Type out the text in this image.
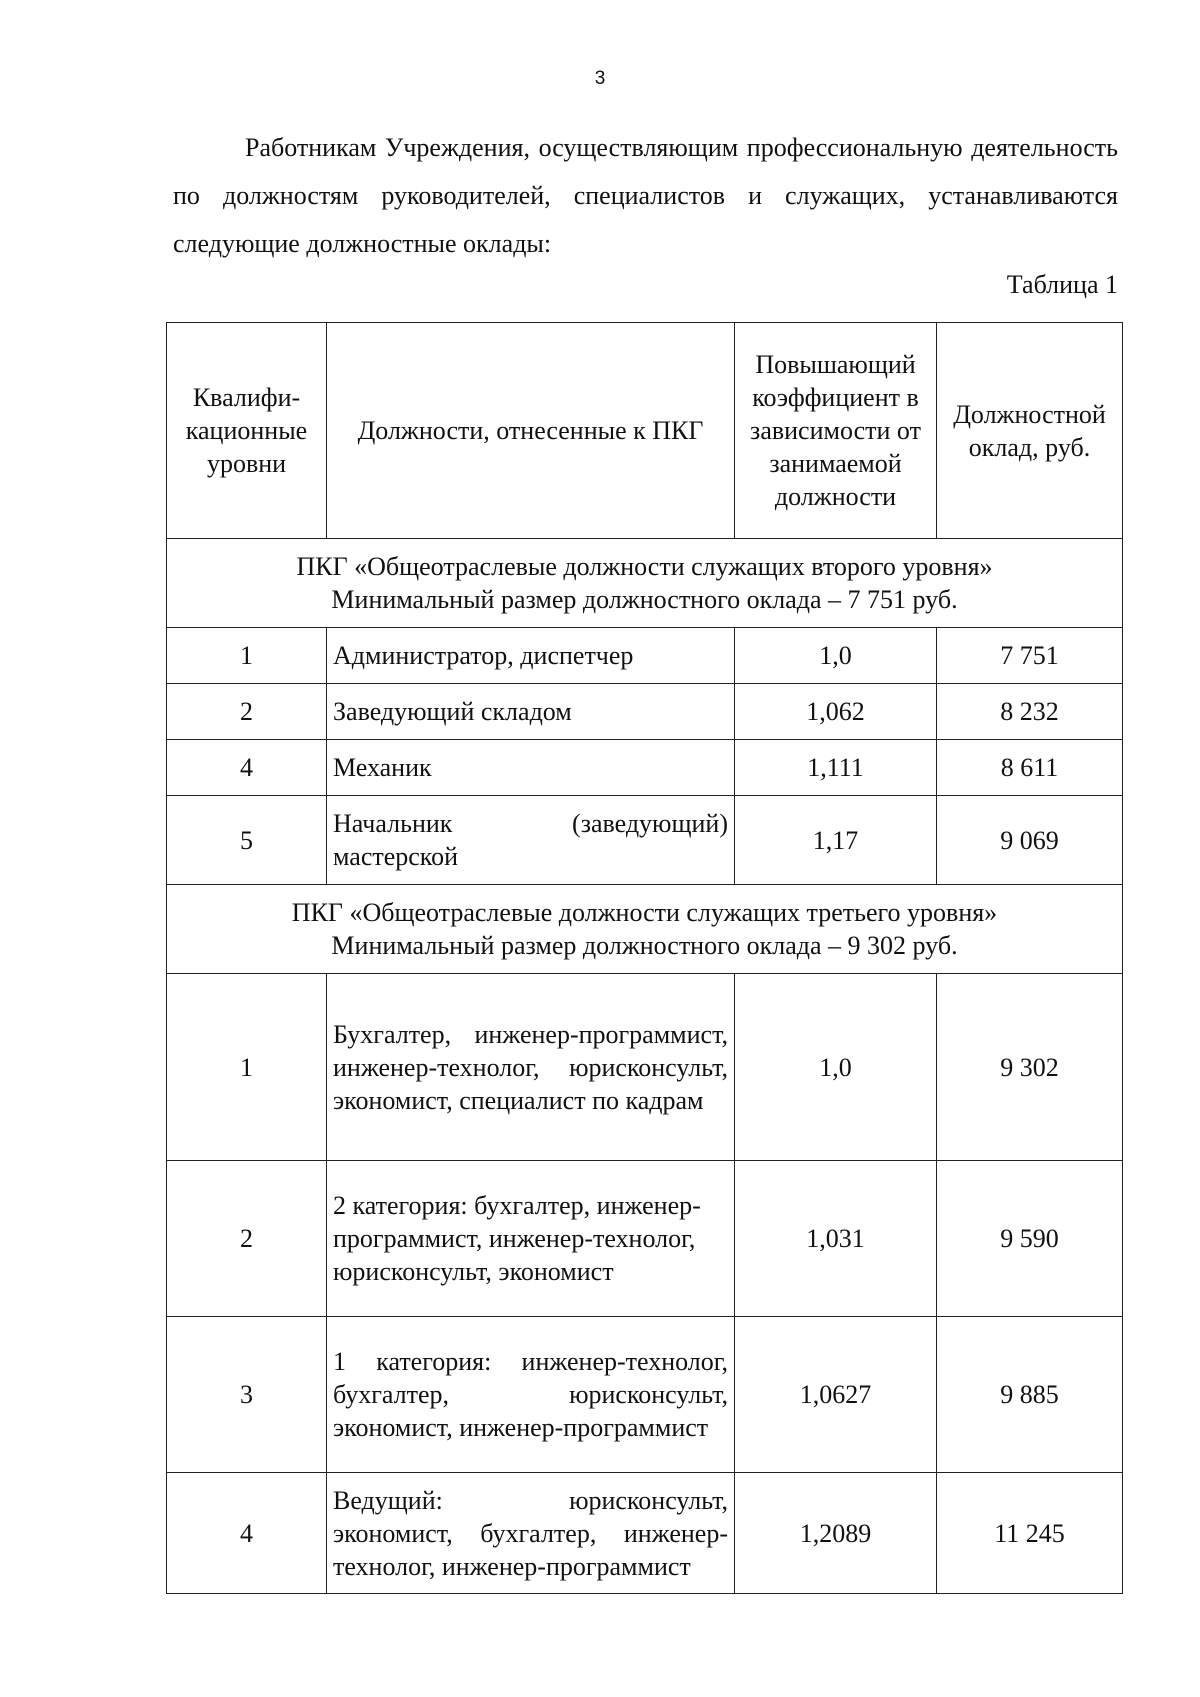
3

Работникам Учреждения, осуществляющим профессиональную деятельность по должностям руководителей, специалистов и служащих, устанавливаются следующие должностные оклады:

Таблица 1
Квалифи-кационные уровни	Должности, отнесенные к ПКГ	Повышающий коэффициент в зависимости от занимаемой должности	Должностной оклад, руб.

ПКГ «Общеотраслевые должности служащих второго уровня»
Минимальный размер должностного оклада – 7 751 руб.			

1	Администратор, диспетчер	1,0	7 751
2	Заведующий складом	1,062	8 232
4	Механик	1,111	8 611
5	Начальник (заведующий) мастерской	1,17	9 069

ПКГ «Общеотраслевые должности служащих третьего уровня»
Минимальный размер должностного оклада – 9 302 руб.			

1	Бухгалтер, инженер-программист, инженер-технолог, юрисконсульт, экономист, специалист по кадрам	1,0	9 302
2	2 категория: бухгалтер, инженер-программист, инженер-технолог, юрисконсульт, экономист	1,031	9 590
3	1 категория: инженер-технолог, бухгалтер, юрисконсульт, экономист, инженер-программист	1,0627	9 885
4	Ведущий: юрисконсульт, экономист, бухгалтер, инженер-технолог, инженер-программист	1,2089	11 245
